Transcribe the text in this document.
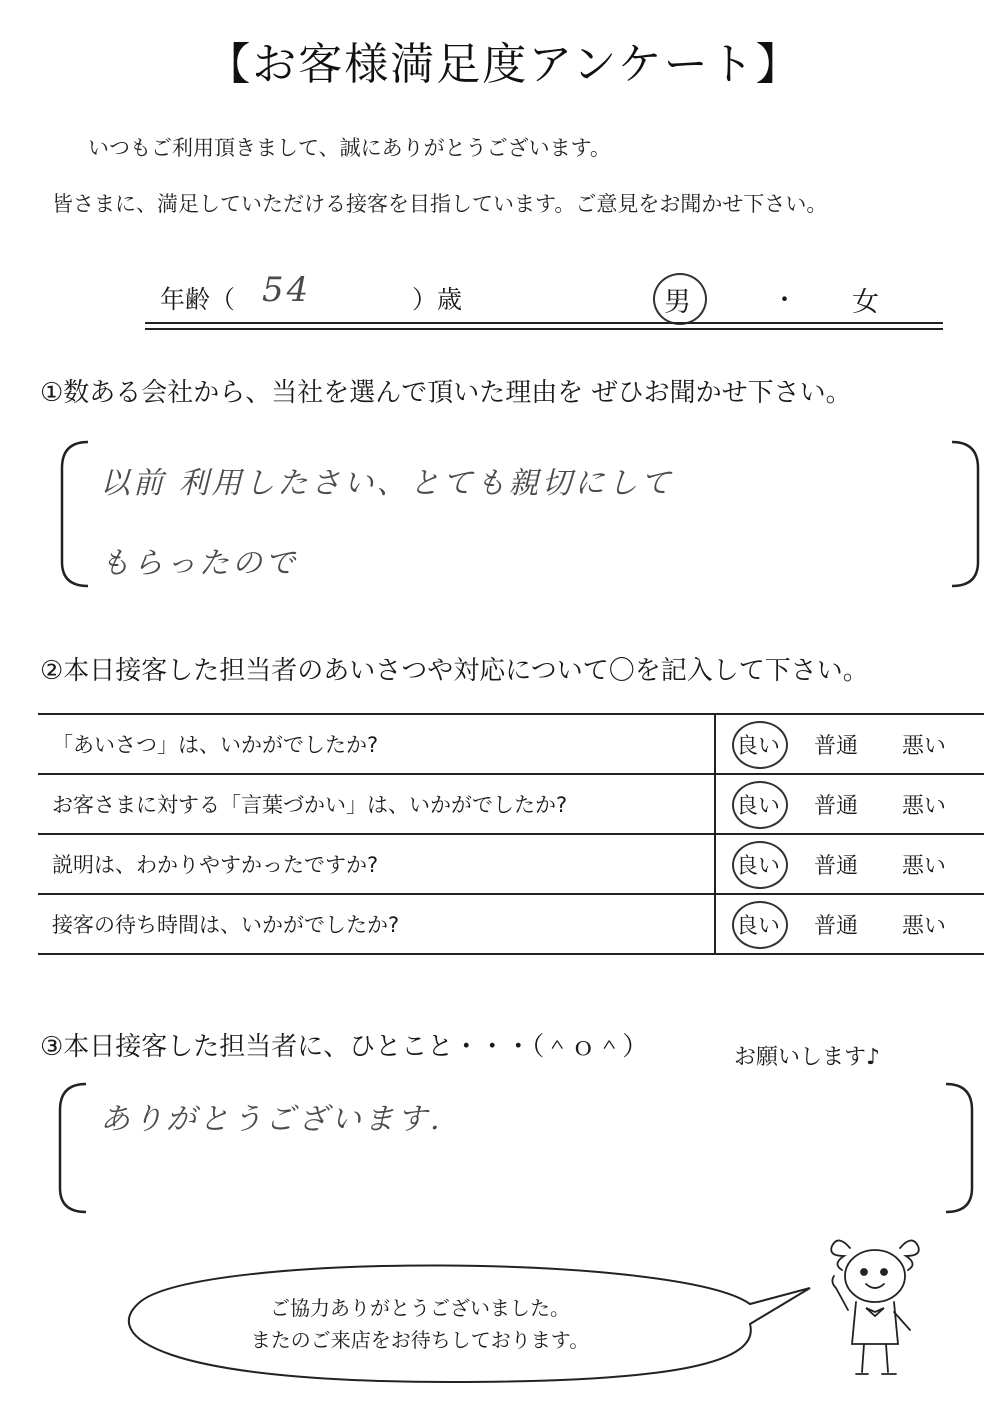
【お客様満足度アンケート】
いつもご利用頂きまして、誠にありがとうございます。
皆さまに、満足していただける接客を目指しています。ご意見をお聞かせ下さい。
年齢（ 54	）歳	男	・ 女
①数ある会社から、当社を選んで頂いた理由を ぜひお聞かせ下さい。
以前 利用したさい、とても親切にして
もらったので
②本日接客した担当者のあいさつや対応について〇を記入して下さい。
「あいさつ」は、いかがでしたか?	良い 普通 悪い

お客さまに対する「言葉づかい」は、いかがでしたか?	良い 普通 悪い

説明は、わかりやすかったですか?	良い 普通 悪い

接客の待ち時間は、いかがでしたか?	良い 普通 悪い
③本日接客した担当者に、ひとこと・・・（＾ｏ＾）	お願いします♪
ありがとうございます.
ご協力ありがとうございました。
またのご来店をお待ちしております。
